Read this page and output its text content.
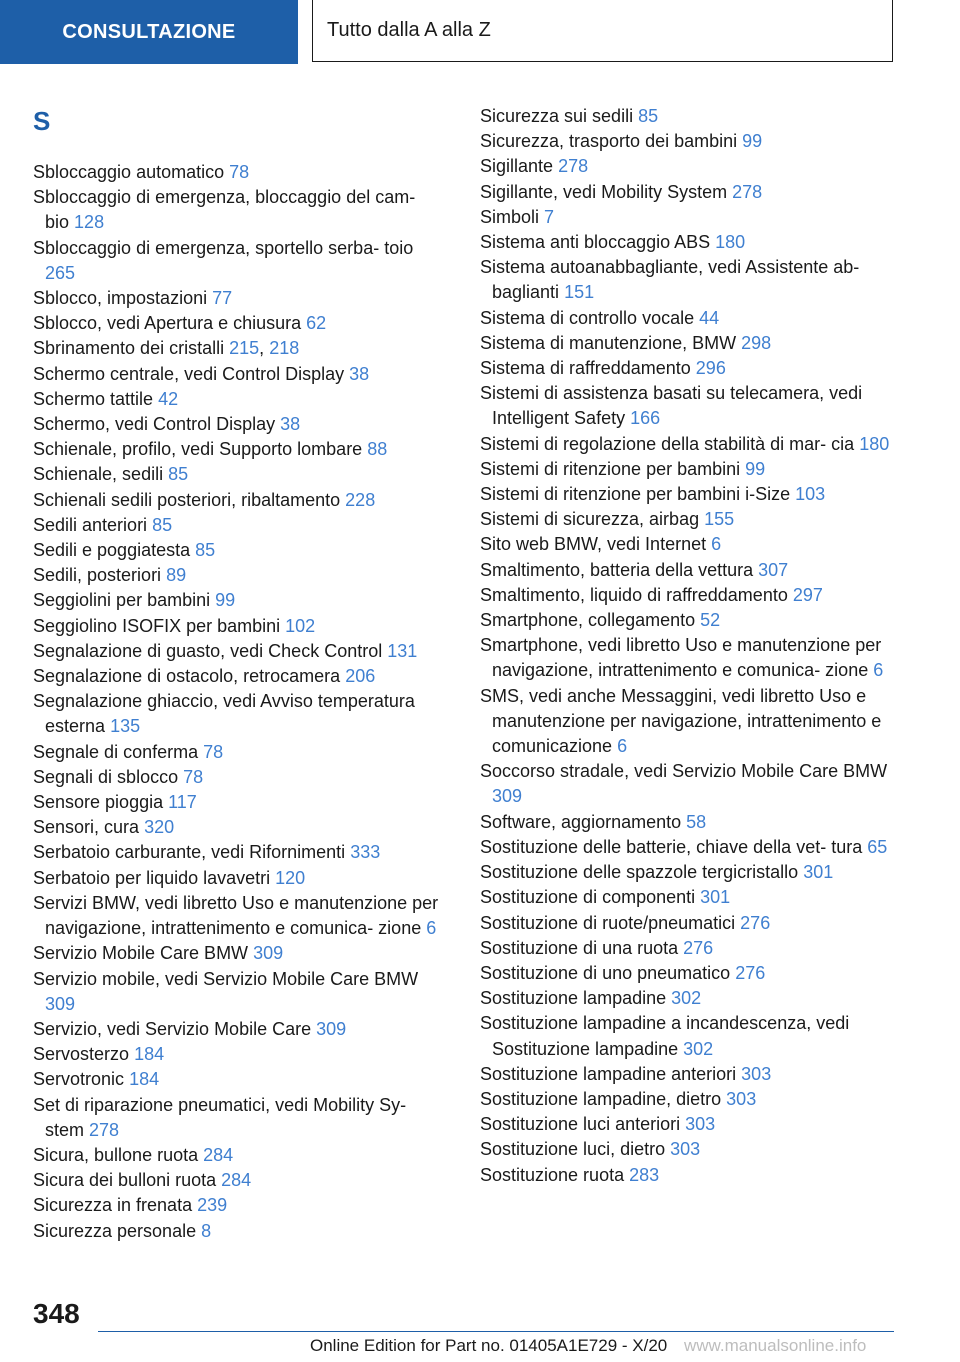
CONSULTAZIONE	Tutto dalla A alla Z
S
Sbloccaggio automatico 78
Sbloccaggio di emergenza, bloccaggio del cam- bio 128
Sbloccaggio di emergenza, sportello serba- toio 265
Sblocco, impostazioni 77
Sblocco, vedi Apertura e chiusura 62
Sbrinamento dei cristalli 215, 218
Schermo centrale, vedi Control Display 38
Schermo tattile 42
Schermo, vedi Control Display 38
Schienale, profilo, vedi Supporto lombare 88
Schienale, sedili 85
Schienali sedili posteriori, ribaltamento 228
Sedili anteriori 85
Sedili e poggiatesta 85
Sedili, posteriori 89
Seggiolini per bambini 99
Seggiolino ISOFIX per bambini 102
Segnalazione di guasto, vedi Check Control 131
Segnalazione di ostacolo, retrocamera 206
Segnalazione ghiaccio, vedi Avviso temperatura esterna 135
Segnale di conferma 78
Segnali di sblocco 78
Sensore pioggia 117
Sensori, cura 320
Serbatoio carburante, vedi Rifornimenti 333
Serbatoio per liquido lavavetri 120
Servizi BMW, vedi libretto Uso e manutenzione per navigazione, intrattenimento e comunica- zione 6
Servizio Mobile Care BMW 309
Servizio mobile, vedi Servizio Mobile Care BMW 309
Servizio, vedi Servizio Mobile Care 309
Servosterzo 184
Servotronic 184
Set di riparazione pneumatici, vedi Mobility Sy- stem 278
Sicura, bullone ruota 284
Sicura dei bulloni ruota 284
Sicurezza in frenata 239
Sicurezza personale 8
Sicurezza sui sedili 85
Sicurezza, trasporto dei bambini 99
Sigillante 278
Sigillante, vedi Mobility System 278
Simboli 7
Sistema anti bloccaggio ABS 180
Sistema autoanabbagliante, vedi Assistente ab- baglianti 151
Sistema di controllo vocale 44
Sistema di manutenzione, BMW 298
Sistema di raffreddamento 296
Sistemi di assistenza basati su telecamera, vedi Intelligent Safety 166
Sistemi di regolazione della stabilità di mar- cia 180
Sistemi di ritenzione per bambini 99
Sistemi di ritenzione per bambini i-Size 103
Sistemi di sicurezza, airbag 155
Sito web BMW, vedi Internet 6
Smaltimento, batteria della vettura 307
Smaltimento, liquido di raffreddamento 297
Smartphone, collegamento 52
Smartphone, vedi libretto Uso e manutenzione per navigazione, intrattenimento e comunica- zione 6
SMS, vedi anche Messaggini, vedi libretto Uso e manutenzione per navigazione, intrattenimento e comunicazione 6
Soccorso stradale, vedi Servizio Mobile Care BMW 309
Software, aggiornamento 58
Sostituzione delle batterie, chiave della vet- tura 65
Sostituzione delle spazzole tergicristallo 301
Sostituzione di componenti 301
Sostituzione di ruote/pneumatici 276
Sostituzione di una ruota 276
Sostituzione di uno pneumatico 276
Sostituzione lampadine 302
Sostituzione lampadine a incandescenza, vedi Sostituzione lampadine 302
Sostituzione lampadine anteriori 303
Sostituzione lampadine, dietro 303
Sostituzione luci anteriori 303
Sostituzione luci, dietro 303
Sostituzione ruota 283
348
Online Edition for Part no. 01405A1E729 - X/20 www.manualsonline.info
